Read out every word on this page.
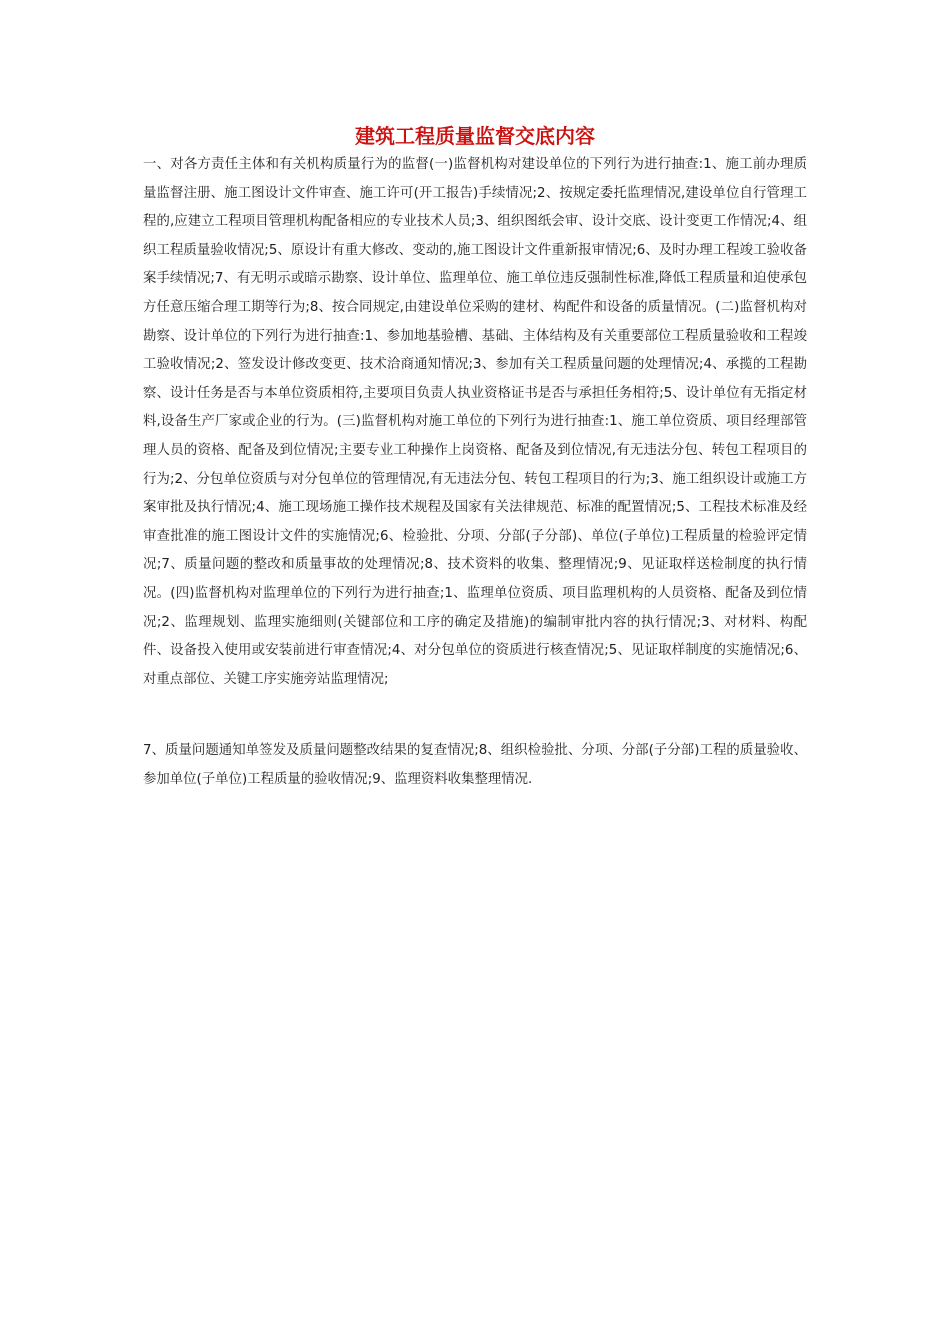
建筑工程质量监督交底内容

一、对各方责任主体和有关机构质量行为的监督(一)监督机构对建设单位的下列行为进行抽查:1、施工前办理质量监督注册、施工图设计文件审查、施工许可(开工报告)手续情况;2、按规定委托监理情况,建设单位自行管理工程的,应建立工程项目管理机构配备相应的专业技术人员;3、组织图纸会审、设计交底、设计变更工作情况;4、组织工程质量验收情况;5、原设计有重大修改、变动的,施工图设计文件重新报审情况;6、及时办理工程竣工验收备案手续情况;7、有无明示或暗示勘察、设计单位、监理单位、施工单位违反强制性标准,降低工程质量和迫使承包方任意压缩合理工期等行为;8、按合同规定,由建设单位采购的建材、构配件和设备的质量情况。(二)监督机构对勘察、设计单位的下列行为进行抽查:1、参加地基验槽、基础、主体结构及有关重要部位工程质量验收和工程竣工验收情况;2、签发设计修改变更、技术洽商通知情况;3、参加有关工程质量问题的处理情况;4、承揽的工程勘察、设计任务是否与本单位资质相符,主要项目负责人执业资格证书是否与承担任务相符;5、设计单位有无指定材料,设备生产厂家或企业的行为。(三)监督机构对施工单位的下列行为进行抽查:1、施工单位资质、项目经理部管理人员的资格、配备及到位情况;主要专业工种操作上岗资格、配备及到位情况,有无违法分包、转包工程项目的行为;2、分包单位资质与对分包单位的管理情况,有无违法分包、转包工程项目的行为;3、施工组织设计或施工方案审批及执行情况;4、施工现场施工操作技术规程及国家有关法律规范、标准的配置情况;5、工程技术标准及经审查批准的施工图设计文件的实施情况;6、检验批、分项、分部(子分部)、单位(子单位)工程质量的检验评定情况;7、质量问题的整改和质量事故的处理情况;8、技术资料的收集、整理情况;9、见证取样送检制度的执行情况。(四)监督机构对监理单位的下列行为进行抽查;1、监理单位资质、项目监理机构的人员资格、配备及到位情况;2、监理规划、监理实施细则(关键部位和工序的确定及措施)的编制审批内容的执行情况;3、对材料、构配件、设备投入使用或安装前进行审查情况;4、对分包单位的资质进行核查情况;5、见证取样制度的实施情况;6、对重点部位、关键工序实施旁站监理情况;

7、质量问题通知单签发及质量问题整改结果的复查情况;8、组织检验批、分项、分部(子分部)工程的质量验收、参加单位(子单位)工程质量的验收情况;9、监理资料收集整理情况.
